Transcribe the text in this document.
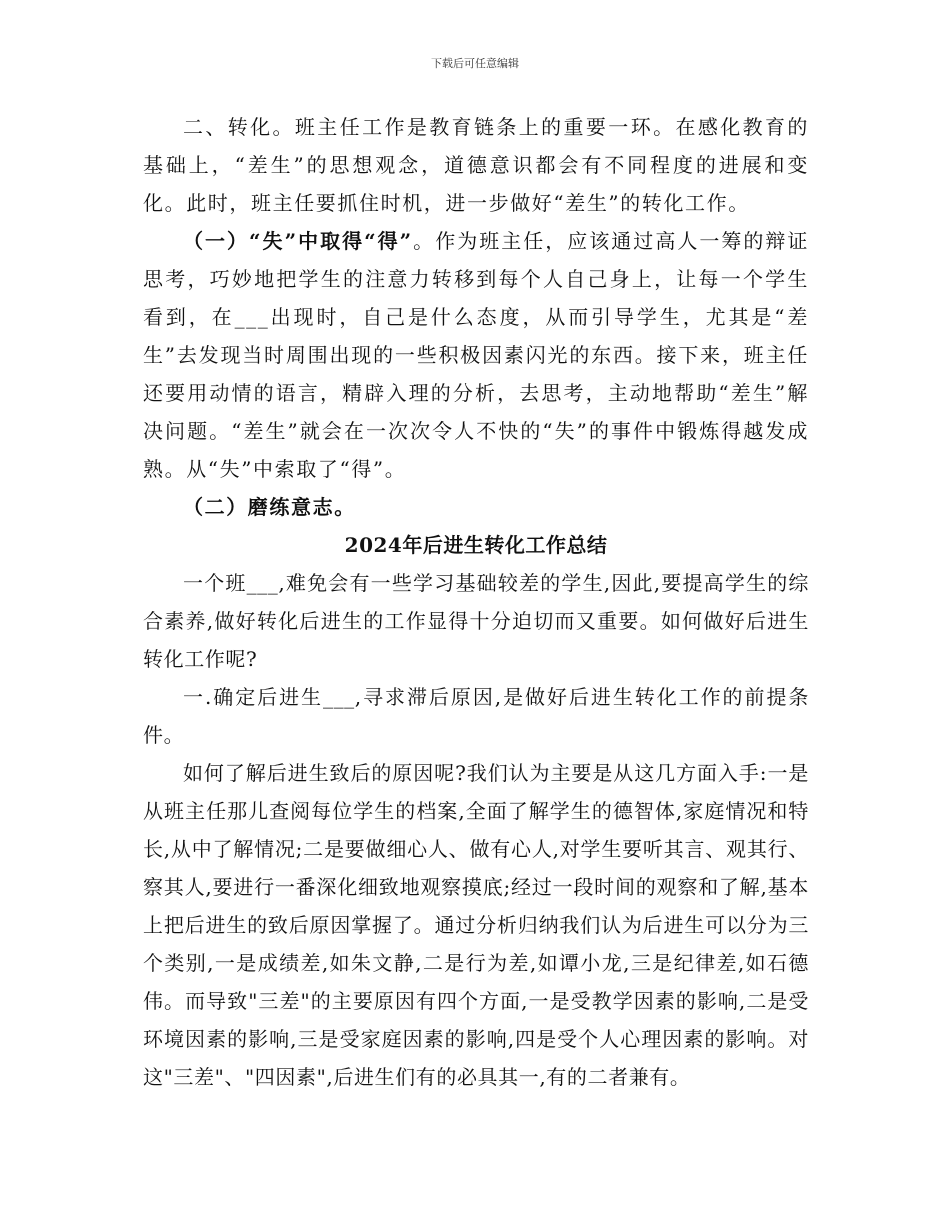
下载后可任意编辑

二、转化。班主任工作是教育链条上的重要一环。在感化教育的基础上，“差生”的思想观念，道德意识都会有不同程度的进展和变化。此时，班主任要抓住时机，进一步做好“差生”的转化工作。

（一）“失”中取得“得”。作为班主任，应该通过高人一筹的辩证思考，巧妙地把学生的注意力转移到每个人自己身上，让每一个学生看到，在___出现时，自己是什么态度，从而引导学生，尤其是“差生”去发现当时周围出现的一些积极因素闪光的东西。接下来，班主任还要用动情的语言，精辟入理的分析，去思考，主动地帮助“差生”解决问题。“差生”就会在一次次令人不快的“失”的事件中锻炼得越发成熟。从“失”中索取了“得”。

（二）磨练意志。

2024年后进生转化工作总结

一个班___,难免会有一些学习基础较差的学生,因此,要提高学生的综合素养,做好转化后进生的工作显得十分迫切而又重要。如何做好后进生转化工作呢?

一.确定后进生___,寻求滞后原因,是做好后进生转化工作的前提条件。

如何了解后进生致后的原因呢?我们认为主要是从这几方面入手:一是从班主任那儿查阅每位学生的档案,全面了解学生的德智体,家庭情况和特长,从中了解情况;二是要做细心人、做有心人,对学生要听其言、观其行、察其人,要进行一番深化细致地观察摸底;经过一段时间的观察和了解,基本上把后进生的致后原因掌握了。通过分析归纳我们认为后进生可以分为三个类别,一是成绩差,如朱文静,二是行为差,如谭小龙,三是纪律差,如石德伟。而导致"三差"的主要原因有四个方面,一是受教学因素的影响,二是受环境因素的影响,三是受家庭因素的影响,四是受个人心理因素的影响。对这"三差"、"四因素",后进生们有的必具其一,有的二者兼有。
